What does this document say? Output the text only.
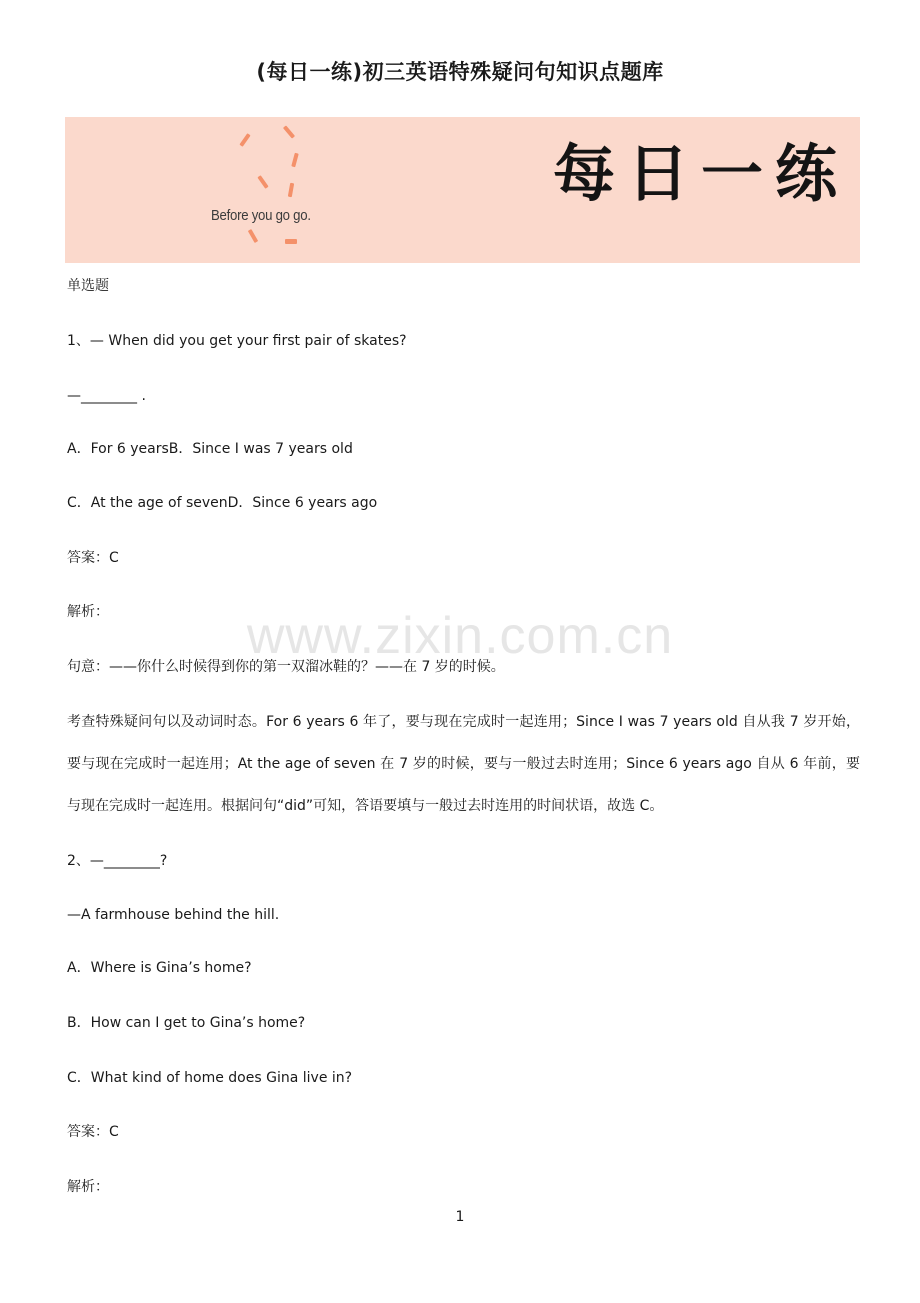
(每日一练)初三英语特殊疑问句知识点题库
Before you go go.
每日一练
单选题
1、— When did you get your first pair of skates?
—________ .
A．For 6 yearsB．Since I was 7 years old
C．At the age of sevenD．Since 6 years ago
答案：C
解析：
句意：——你什么时候得到你的第一双溜冰鞋的？——在 7 岁的时候。
考查特殊疑问句以及动词时态。For 6 years 6 年了，要与现在完成时一起连用；Since I was 7 years old 自从我 7 岁开始，要与现在完成时一起连用；At the age of seven 在 7 岁的时候，要与一般过去时连用；Since 6 years ago 自从 6 年前，要与现在完成时一起连用。根据问句“did”可知，答语要填与一般过去时连用的时间状语，故选 C。
2、—________?
—A farmhouse behind the hill.
A．Where is Gina’s home?
B．How can I get to Gina’s home?
C．What kind of home does Gina live in?
答案：C
解析：
www.zixin.com.cn
1
